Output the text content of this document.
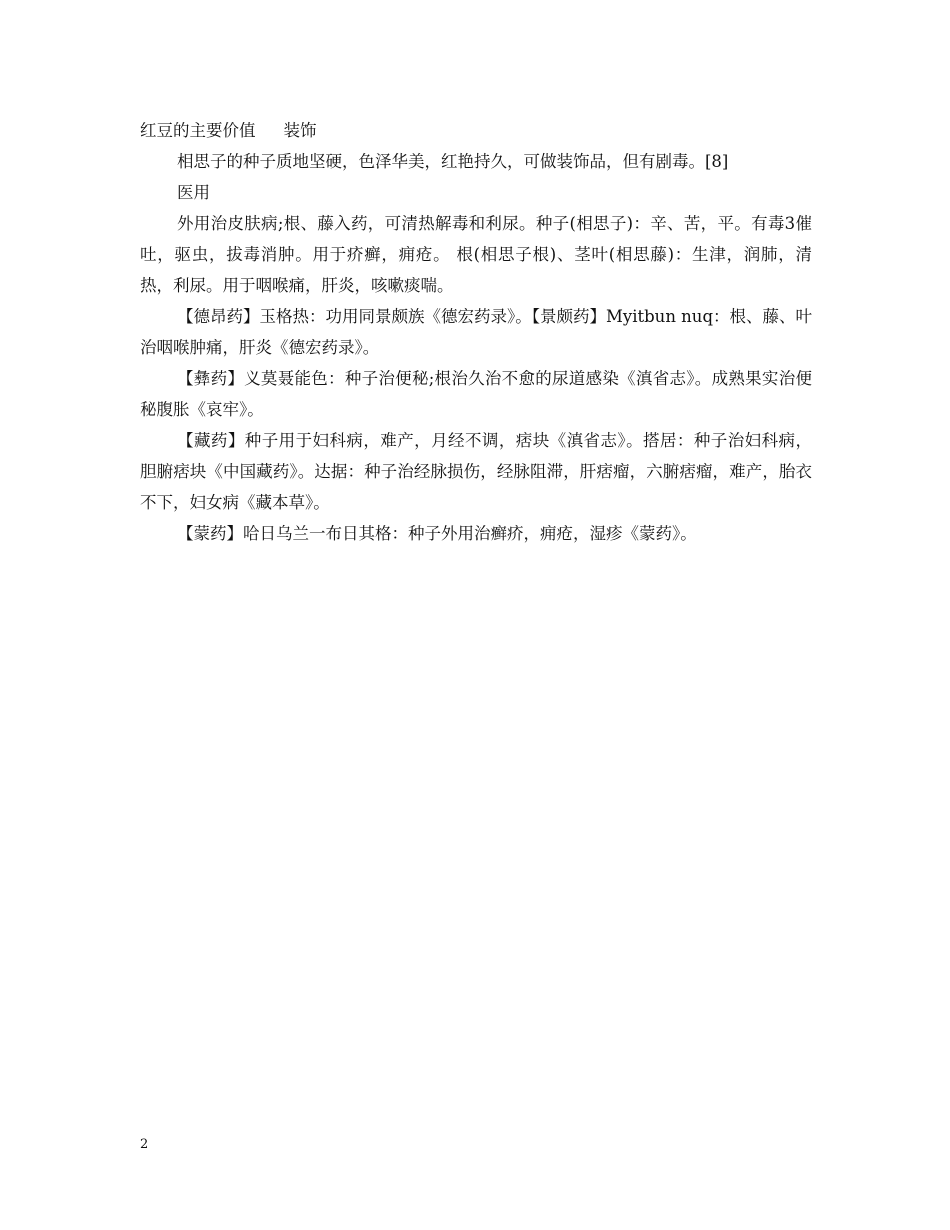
红豆的主要价值 装饰

相思子的种子质地坚硬，色泽华美，红艳持久，可做装饰品，但有剧毒。[8]

医用

外用治皮肤病;根、藤入药，可清热解毒和利尿。种子(相思子)：辛、苦，平。有毒3催吐，驱虫，拔毒消肿。用于疥癣，痈疮。 根(相思子根)、茎叶(相思藤)：生津，润肺，清热，利尿。用于咽喉痛，肝炎，咳嗽痰喘。

【德昂药】玉格热：功用同景颇族《德宏药录》。【景颇药】Myitbun nuq：根、藤、叶治咽喉肿痛，肝炎《德宏药录》。

【彝药】义莫聂能色：种子治便秘;根治久治不愈的尿道感染《滇省志》。成熟果实治便秘腹胀《哀牢》。

【藏药】种子用于妇科病，难产，月经不调，痞块《滇省志》。搭居：种子治妇科病，胆腑痞块《中国藏药》。达据：种子治经脉损伤，经脉阻滞，肝痞瘤，六腑痞瘤，难产，胎衣不下，妇女病《藏本草》。

【蒙药】哈日乌兰一布日其格：种子外用治癣疥，痈疮，湿疹《蒙药》。

2
